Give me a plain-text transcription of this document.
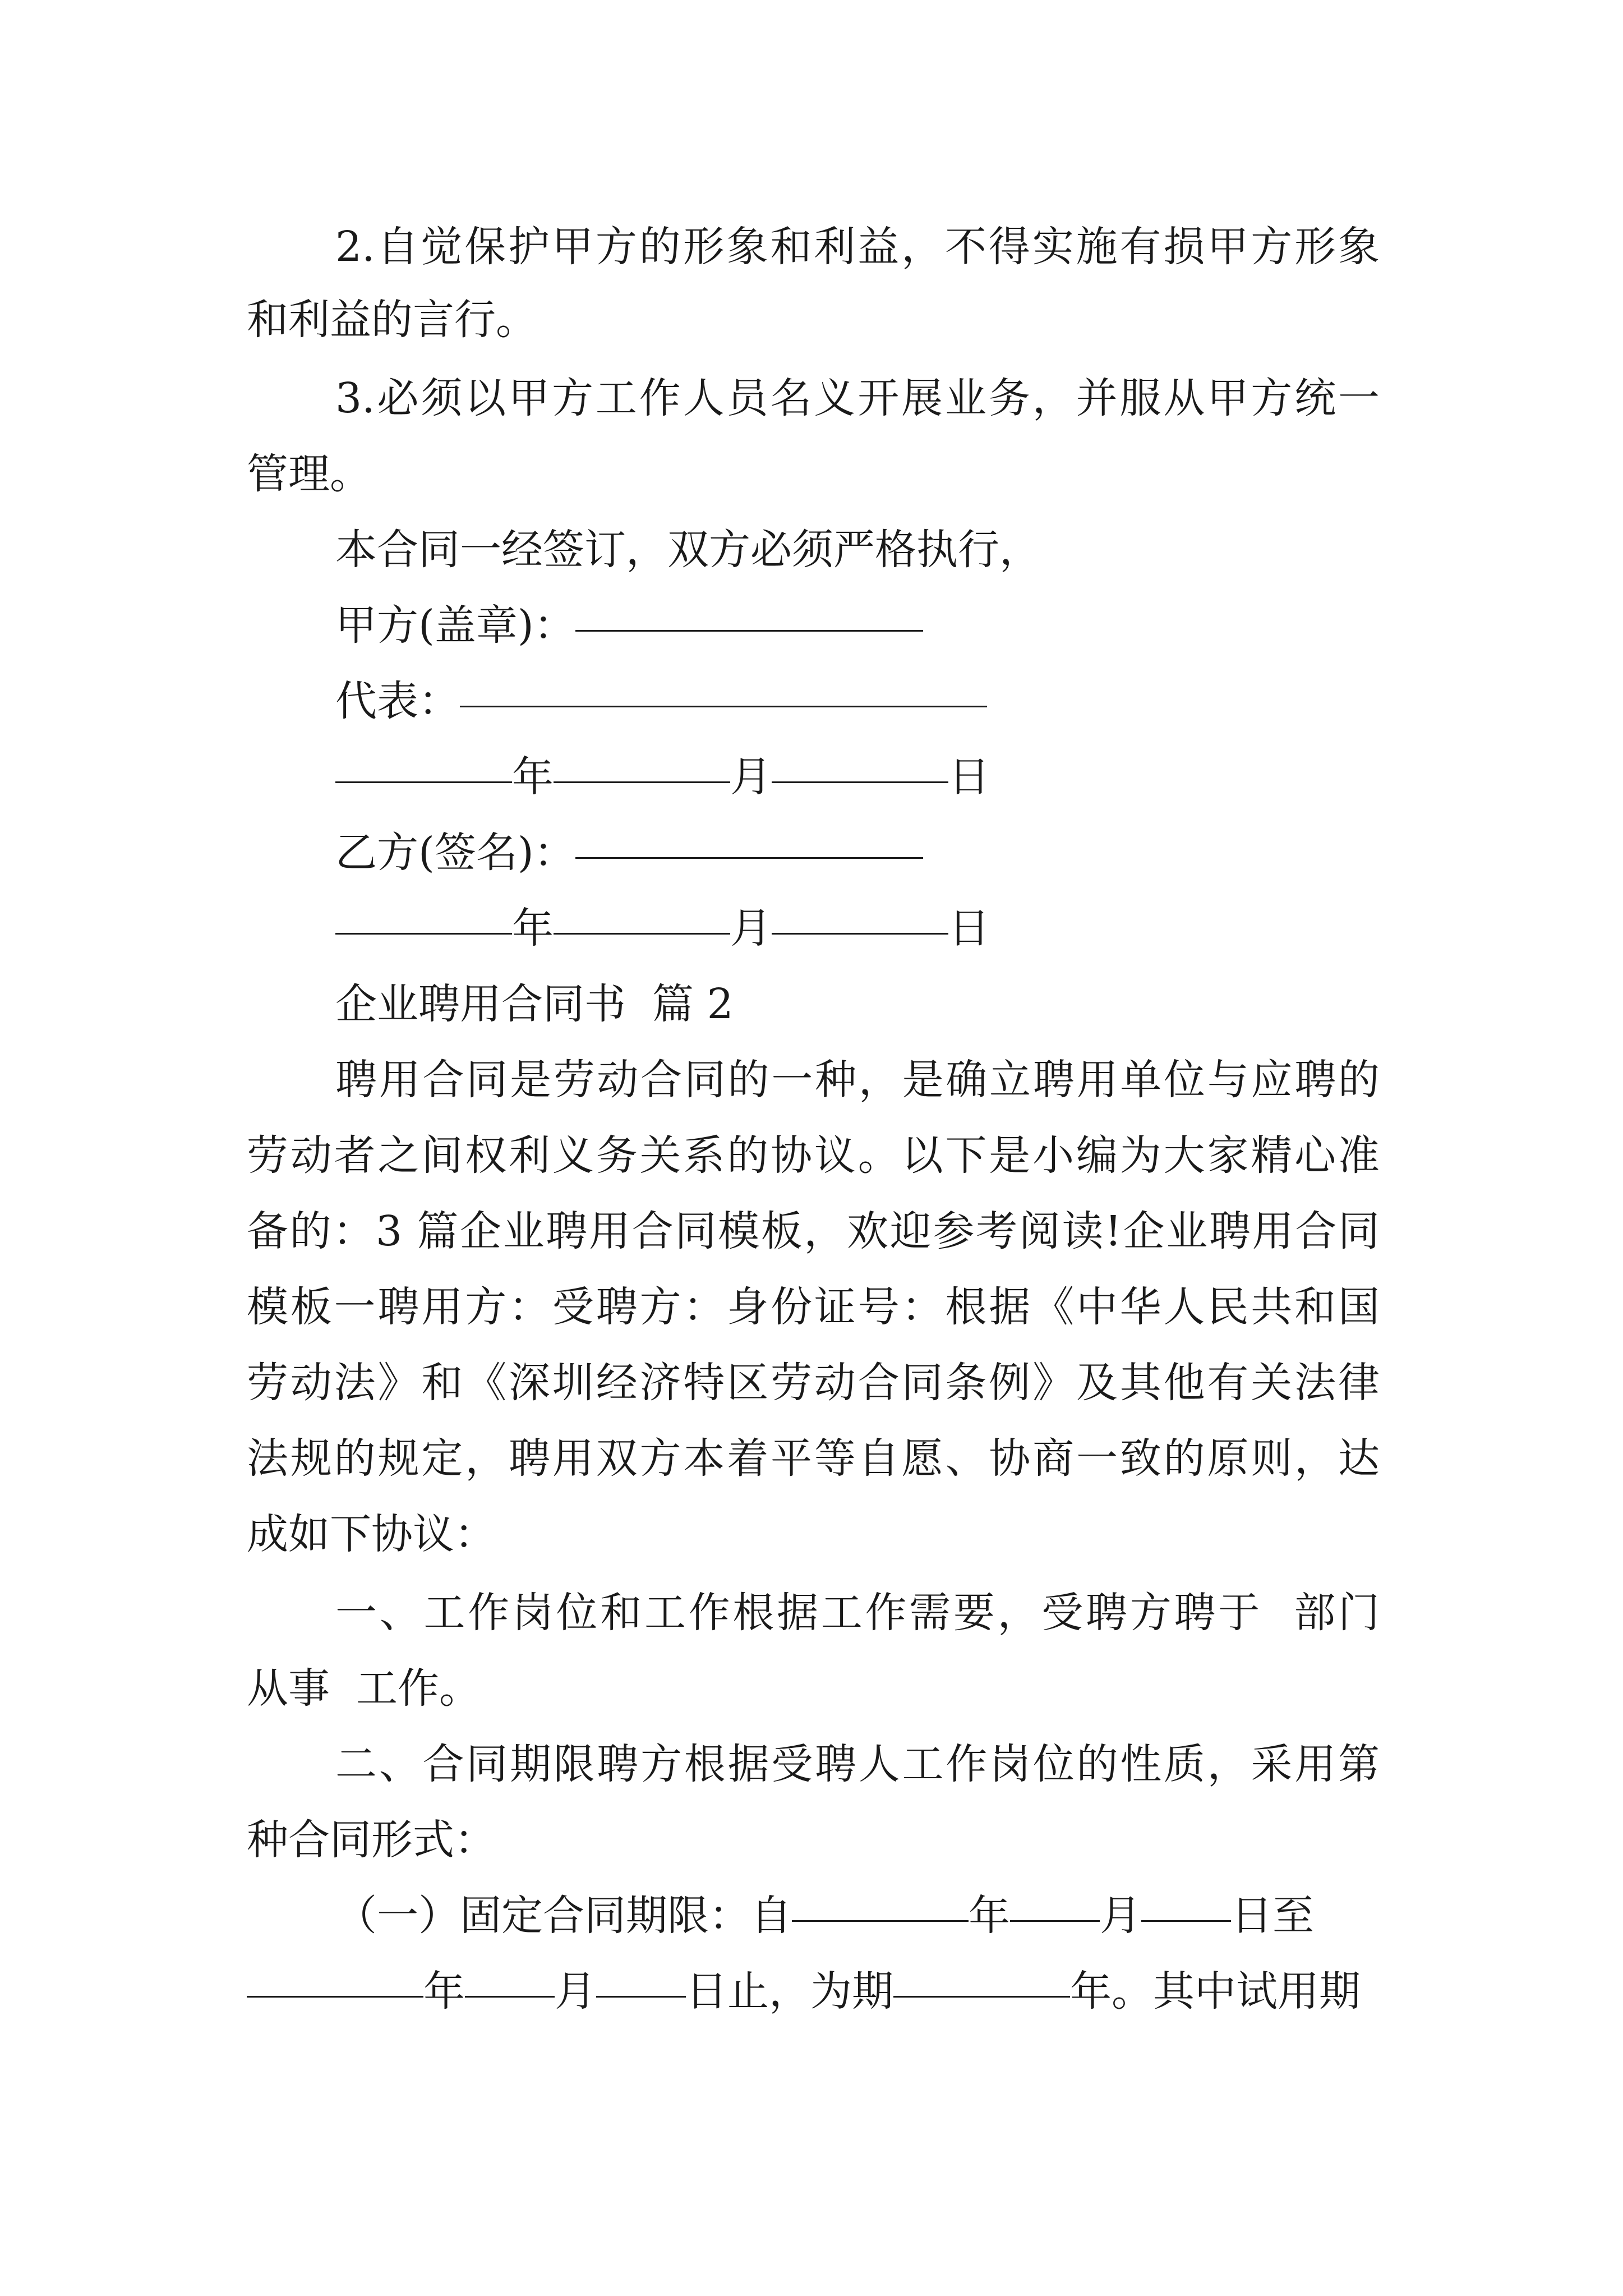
2.自觉保护甲方的形象和利益，不得实施有损甲方形象
和利益的言行。
3.必须以甲方工作人员名义开展业务，并服从甲方统一
管理。
本合同一经签订，双方必须严格执行，
甲方(盖章)：
代表：
年	月	日
乙方(签名)：
年	月	日
企业聘用合同书  篇 2
聘用合同是劳动合同的一种，是确立聘用单位与应聘的
劳动者之间权利义务关系的协议。以下是小编为大家精心准
备的：3 篇企业聘用合同模板，欢迎参考阅读!企业聘用合同
模板一聘用方：受聘方：身份证号：根据《中华人民共和国
劳动法》和《深圳经济特区劳动合同条例》及其他有关法律
法规的规定，聘用双方本着平等自愿、协商一致的原则，达
成如下协议：
一、工作岗位和工作根据工作需要，受聘方聘于  部门
从事  工作。
二、合同期限聘方根据受聘人工作岗位的性质，采用第
种合同形式：
（一）固定合同期限：自	年 月 日至
年 月 日止，为期	年。其中试用期
